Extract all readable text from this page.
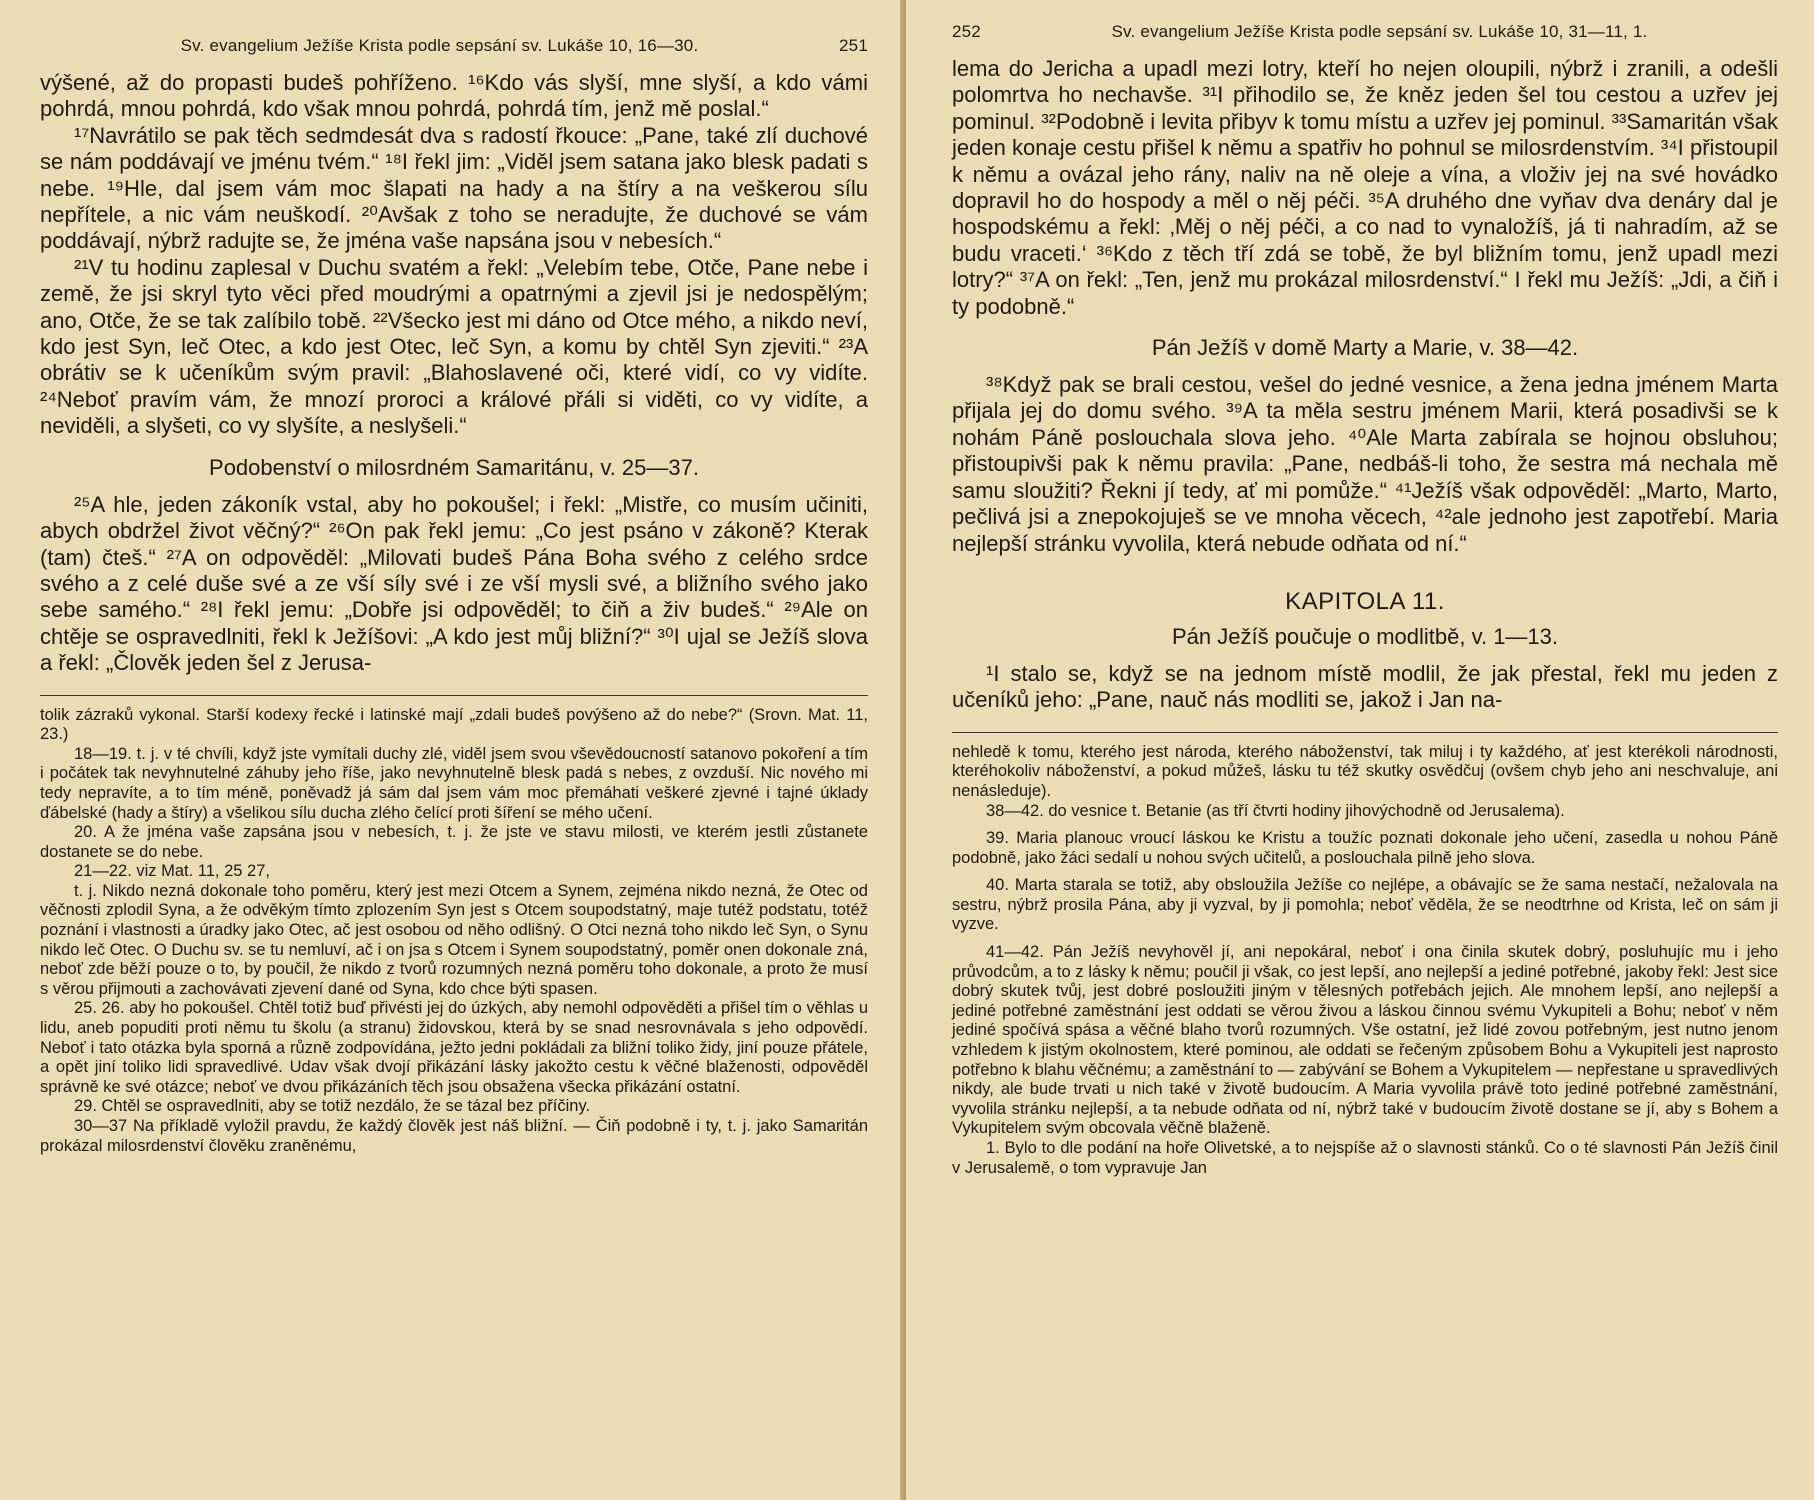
Sv. evangelium Ježíše Krista podle sepsání sv. Lukáše 10, 16—30.	251

výšené, až do propasti budeš pohříženo. ¹⁶Kdo vás slyší, mne slyší, a kdo vámi pohrdá, mnou pohrdá, kdo však mnou pohrdá, pohrdá tím, jenž mě poslal.“

¹⁷Navrátilo se pak těch sedmdesát dva s radostí řkouce: „Pane, také zlí duchové se nám poddávají ve jménu tvém.“ ¹⁸I řekl jim: „Viděl jsem satana jako blesk padati s nebe. ¹⁹Hle, dal jsem vám moc šlapati na hady a na štíry a na veškerou sílu nepřítele, a nic vám neuškodí. ²⁰Avšak z toho se neradujte, že duchové se vám poddávají, nýbrž radujte se, že jména vaše napsána jsou v nebesích.“

²¹V tu hodinu zaplesal v Duchu svatém a řekl: „Velebím tebe, Otče, Pane nebe i země, že jsi skryl tyto věci před moudrými a opatrnými a zjevil jsi je nedospělým; ano, Otče, že se tak zalíbilo tobě. ²²Všecko jest mi dáno od Otce mého, a nikdo neví, kdo jest Syn, leč Otec, a kdo jest Otec, leč Syn, a komu by chtěl Syn zjeviti.“ ²³A obrátiv se k učeníkům svým pravil: „Blahoslavené oči, které vidí, co vy vidíte. ²⁴Neboť pravím vám, že mnozí proroci a králové přáli si viděti, co vy vidíte, a neviděli, a slyšeti, co vy slyšíte, a neslyšeli.“

Podobenství o milosrdném Samaritánu, v. 25—37.

²⁵A hle, jeden zákoník vstal, aby ho pokoušel; i řekl: „Mistře, co musím učiniti, abych obdržel život věčný?“ ²⁶On pak řekl jemu: „Co jest psáno v zákoně? Kterak (tam) čteš.“ ²⁷A on odpověděl: „Milovati budeš Pána Boha svého z celého srdce svého a z celé duše své a ze vší síly své i ze vší mysli své, a bližního svého jako sebe samého.“ ²⁸I řekl jemu: „Dobře jsi odpověděl; to čiň a živ budeš.“ ²⁹Ale on chtěje se ospravedlniti, řekl k Ježíšovi: „A kdo jest můj bližní?“ ³⁰I ujal se Ježíš slova a řekl: „Člověk jeden šel z Jerusa-

tolik zázraků vykonal. Starší kodexy řecké i latinské mají „zdali budeš povýšeno až do nebe?“ (Srovn. Mat. 11, 23.)

18—19. t. j. v té chvíli, když jste vymítali duchy zlé, viděl jsem svou vševědoucností satanovo pokoření a tím i počátek tak nevyhnutelné záhuby jeho říše, jako nevyhnutelně blesk padá s nebes, z ovzduší. Nic nového mi tedy nepravíte, a to tím méně, poněvadž já sám dal jsem vám moc přemáhati veškeré zjevné i tajné úklady ďábelské (hady a štíry) a všelikou sílu ducha zlého čelící proti šíření se mého učení.

20. A že jména vaše zapsána jsou v nebesích, t. j. že jste ve stavu milosti, ve kterém jestli zůstanete dostanete se do nebe.

21—22. viz Mat. 11, 25 27,

t. j. Nikdo nezná dokonale toho poměru, který jest mezi Otcem a Synem, zejména nikdo nezná, že Otec od věčnosti zplodil Syna, a že odvěkým tímto zplozením Syn jest s Otcem soupodstatný, maje tutéž podstatu, totéž poznání i vlastnosti a úradky jako Otec, ač jest osobou od něho odlišný. O Otci nezná toho nikdo leč Syn, o Synu nikdo leč Otec. O Duchu sv. se tu nemluví, ač i on jsa s Otcem i Synem soupodstatný, poměr onen dokonale zná, neboť zde běží pouze o to, by poučil, že nikdo z tvorů rozumných nezná poměru toho dokonale, a proto že musí s věrou přijmouti a zachovávati zjevení dané od Syna, kdo chce býti spasen.

25. 26. aby ho pokoušel. Chtěl totiž buď přivésti jej do úzkých, aby nemohl odpověděti a přišel tím o věhlas u lidu, aneb popuditi proti němu tu školu (a stranu) židovskou, která by se snad nesrovnávala s jeho odpovědí. Neboť i tato otázka byla sporná a různě zodpovídána, ježto jedni pokládali za bližní toliko židy, jiní pouze přátele, a opět jiní toliko lidi spravedlivé. Udav však dvojí přikázání lásky jakožto cestu k věčné blaženosti, odpověděl správně ke své otázce; neboť ve dvou přikázáních těch jsou obsažena všecka přikázání ostatní.

29. Chtěl se ospravedlniti, aby se totiž nezdálo, že se tázal bez příčiny.

30—37 Na příkladě vyložil pravdu, že každý člověk jest náš bližní. — Čiň podobně i ty, t. j. jako Samaritán prokázal milosrdenství člověku zraněnému,

252	Sv. evangelium Ježíše Krista podle sepsání sv. Lukáše 10, 31—11, 1.

lema do Jericha a upadl mezi lotry, kteří ho nejen oloupili, nýbrž i zranili, a odešli polomrtva ho nechavše. ³¹I přihodilo se, že kněz jeden šel tou cestou a uzřev jej pominul. ³²Podobně i levita přibyv k tomu místu a uzřev jej pominul. ³³Samaritán však jeden konaje cestu přišel k němu a spatřiv ho pohnul se milosrdenstvím. ³⁴I přistoupil k němu a ovázal jeho rány, naliv na ně oleje a vína, a vloživ jej na své hovádko dopravil ho do hospody a měl o něj péči. ³⁵A druhého dne vyňav dva denáry dal je hospodskému a řekl: ‚Měj o něj péči, a co nad to vynaložíš, já ti nahradím, až se budu vraceti.‘ ³⁶Kdo z těch tří zdá se tobě, že byl bližním tomu, jenž upadl mezi lotry?“ ³⁷A on řekl: „Ten, jenž mu prokázal milosrdenství.“ I řekl mu Ježíš: „Jdi, a čiň i ty podobně.“

Pán Ježíš v domě Marty a Marie, v. 38—42.

³⁸Když pak se brali cestou, vešel do jedné vesnice, a žena jedna jménem Marta přijala jej do domu svého. ³⁹A ta měla sestru jménem Marii, která posadivši se k nohám Páně poslouchala slova jeho. ⁴⁰Ale Marta zabírala se hojnou obsluhou; přistoupivši pak k němu pravila: „Pane, nedbáš-li toho, že sestra má nechala mě samu sloužiti? Řekni jí tedy, ať mi pomůže.“ ⁴¹Ježíš však odpověděl: „Marto, Marto, pečlivá jsi a znepokojuješ se ve mnoha věcech, ⁴²ale jednoho jest zapotřebí. Maria nejlepší stránku vyvolila, která nebude odňata od ní.“

KAPITOLA 11.
Pán Ježíš poučuje o modlitbě, v. 1—13.

¹I stalo se, když se na jednom místě modlil, že jak přestal, řekl mu jeden z učeníků jeho: „Pane, nauč nás modliti se, jakož i Jan na-

nehledě k tomu, kterého jest národa, kterého náboženství, tak miluj i ty každého, ať jest kterékoli národnosti, kteréhokoliv náboženství, a pokud můžeš, lásku tu též skutky osvědčuj (ovšem chyb jeho ani neschvaluje, ani nenásleduje).

38—42. do vesnice t. Betanie (as tří čtvrti hodiny jihovýchodně od Jerusalema).

39. Maria planouc vroucí láskou ke Kristu a toužíc poznati dokonale jeho učení, zasedla u nohou Páně podobně, jako žáci sedalí u nohou svých učitelů, a poslouchala pilně jeho slova.

40. Marta starala se totiž, aby obsloužila Ježíše co nejlépe, a obávajíc se že sama nestačí, nežalovala na sestru, nýbrž prosila Pána, aby ji vyzval, by ji pomohla; neboť věděla, že se neodtrhne od Krista, leč on sám ji vyzve.

41—42. Pán Ježíš nevyhověl jí, ani nepokáral, neboť i ona činila skutek dobrý, posluhujíc mu i jeho průvodcům, a to z lásky k němu; poučil ji však, co jest lepší, ano nejlepší a jediné potřebné, jakoby řekl: Jest sice dobrý skutek tvůj, jest dobré posloužiti jiným v tělesných potřebách jejich. Ale mnohem lepší, ano nejlepší a jediné potřebné zaměstnání jest oddati se věrou živou a láskou činnou svému Vykupiteli a Bohu; neboť v něm jediné spočívá spása a věčné blaho tvorů rozumných. Vše ostatní, jež lidé zovou potřebným, jest nutno jenom vzhledem k jistým okolnostem, které pominou, ale oddati se řečeným způsobem Bohu a Vykupiteli jest naprosto potřebno k blahu věčnému; a zaměstnání to — zabývání se Bohem a Vykupitelem — nepřestane u spravedlivých nikdy, ale bude trvati u nich také v životě budoucím. A Maria vyvolila právě toto jediné potřebné zaměstnání, vyvolila stránku nejlepší, a ta nebude odňata od ní, nýbrž také v budoucím životě dostane se jí, aby s Bohem a Vykupitelem svým obcovala věčně blaženě.

1. Bylo to dle podání na hoře Olivetské, a to nejspíše až o slavnosti stánků. Co o té slavnosti Pán Ježíš činil v Jerusalemě, o tom vypravuje Jan
